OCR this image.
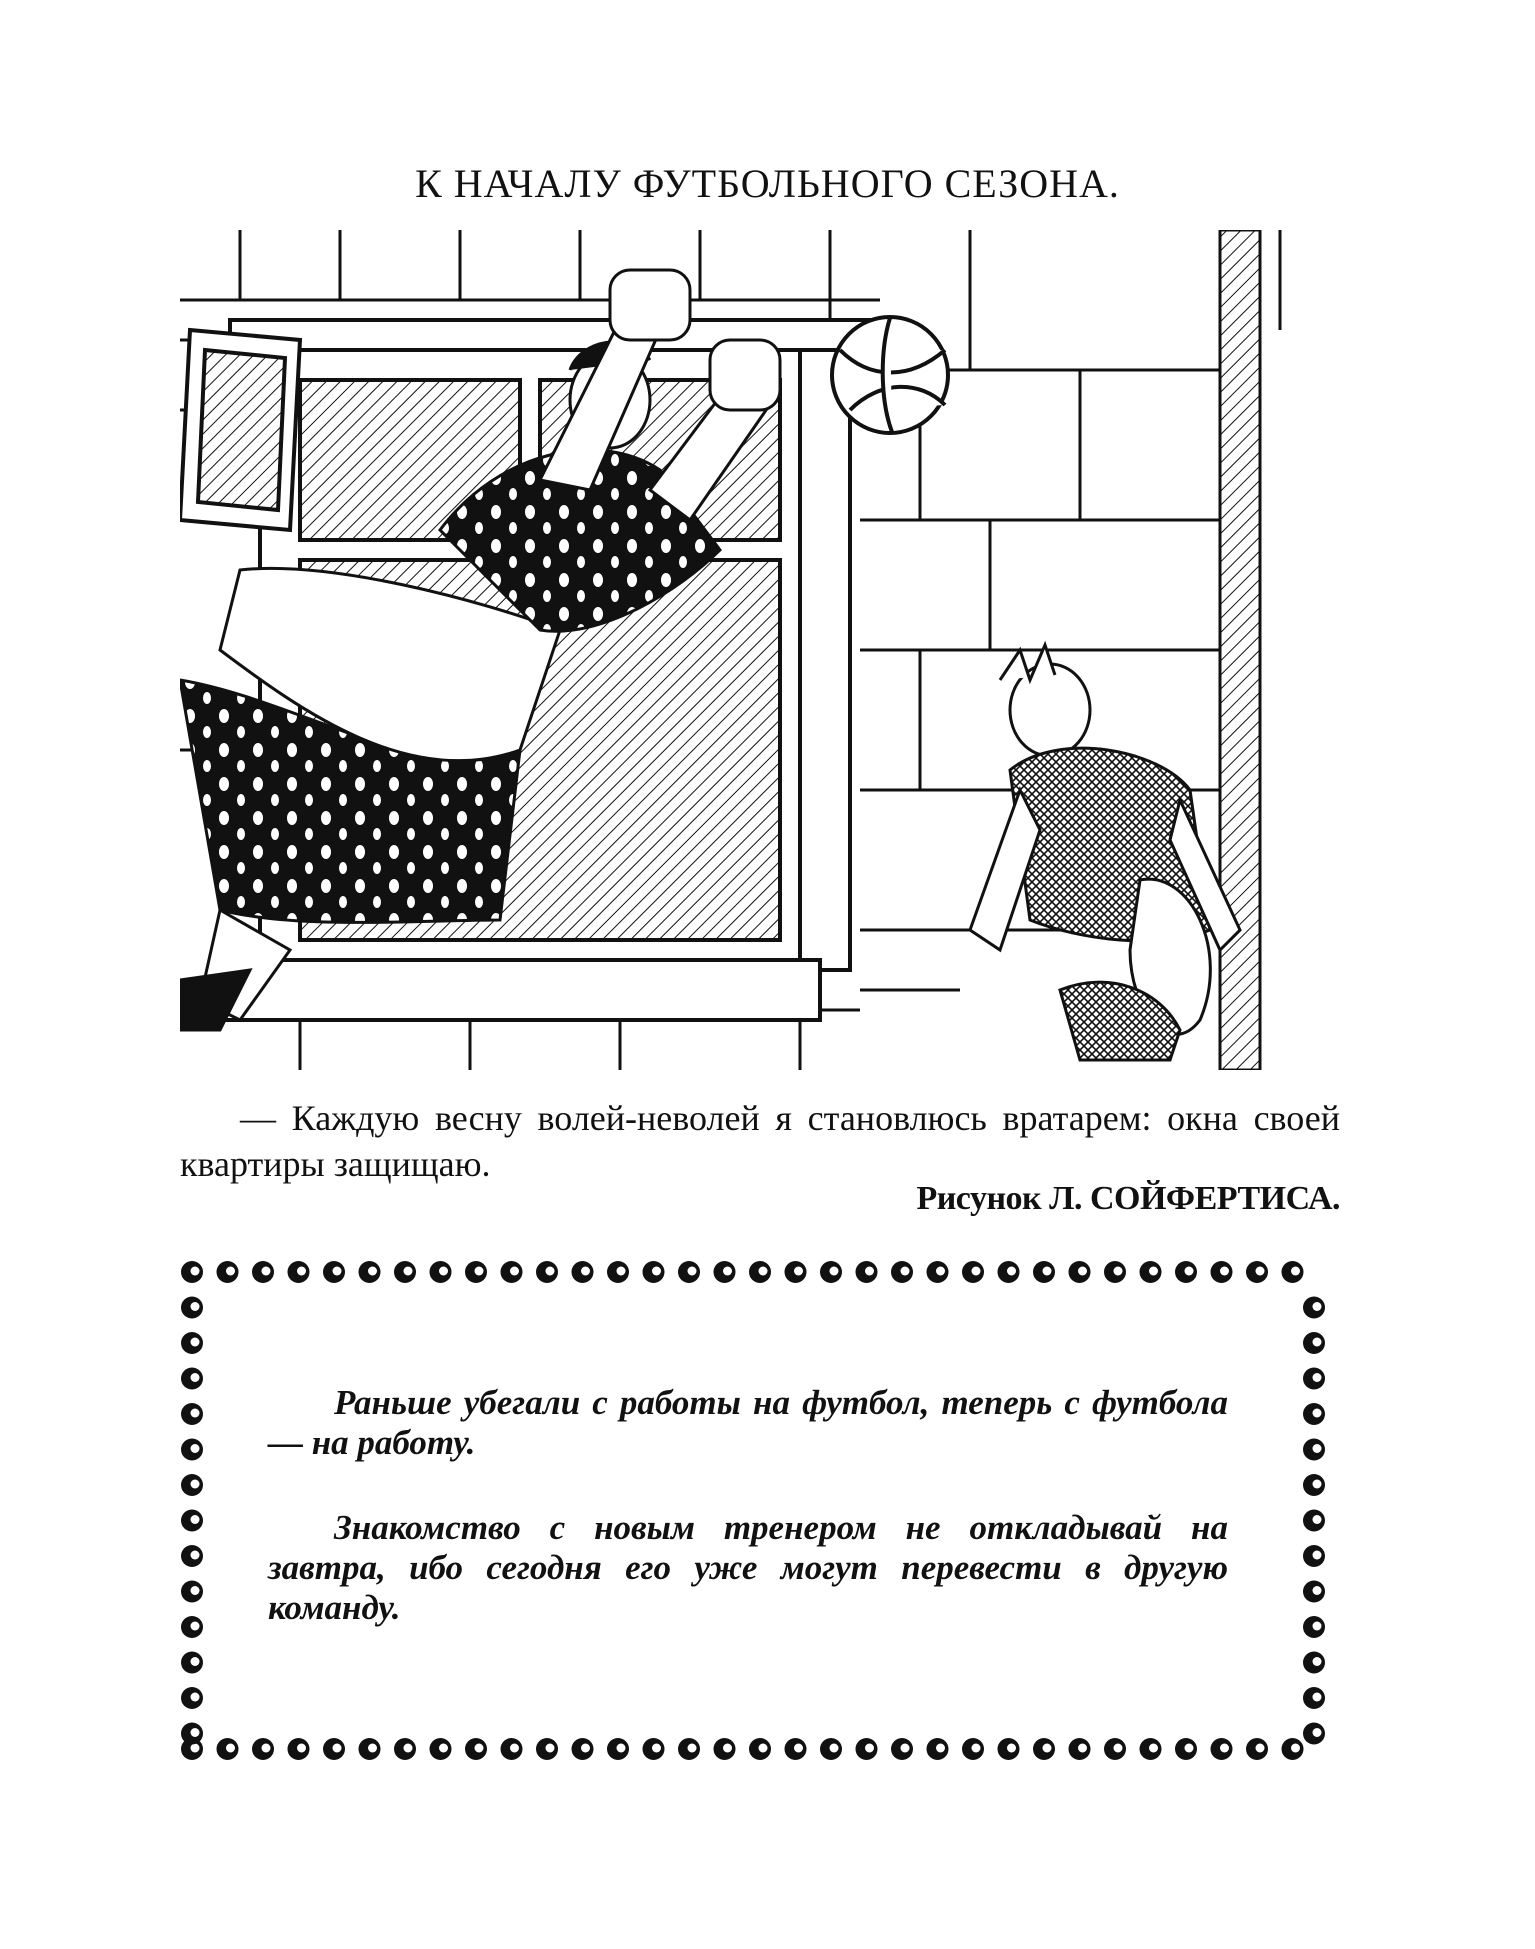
К НАЧАЛУ ФУТБОЛЬНОГО СЕЗОНА.
— Каждую весну волей-неволей я становлюсь вратарем: окна своей квартиры защищаю.
Рисунок Л. СОЙФЕРТИСА.
Раньше убегали с работы на футбол, теперь с футбола — на работу.
Знакомство с новым тренером не откладывай на завтра, ибо сегодня его уже могут перевести в другую команду.
